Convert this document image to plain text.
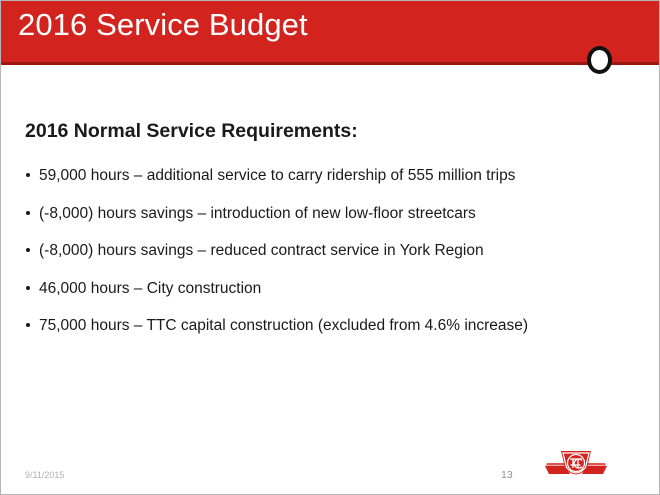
2016 Service Budget
2016 Normal Service Requirements:
59,000 hours – additional service to carry ridership of 555 million trips
(-8,000) hours savings – introduction of new low-floor streetcars
(-8,000) hours savings – reduced contract service in York Region
46,000 hours – City construction
75,000 hours – TTC capital construction (excluded from 4.6% increase)
9/11/2015	13
